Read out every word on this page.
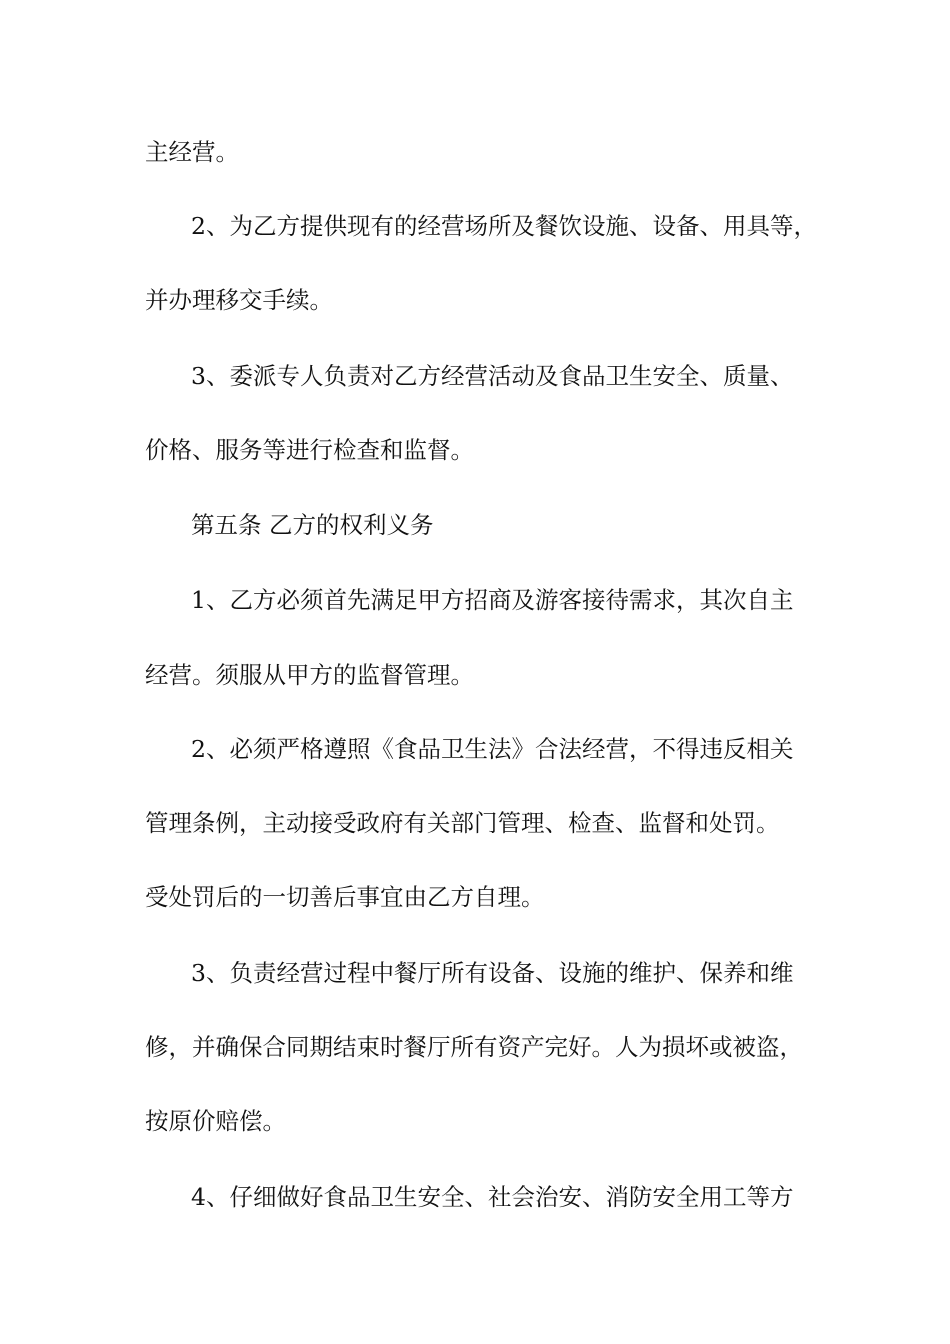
主经营。
2、为乙方提供现有的经营场所及餐饮设施、设备、用具等，
并办理移交手续。
3、委派专人负责对乙方经营活动及食品卫生安全、质量、
价格、服务等进行检查和监督。
第五条 乙方的权利义务
1、乙方必须首先满足甲方招商及游客接待需求，其次自主
经营。须服从甲方的监督管理。
2、必须严格遵照《食品卫生法》合法经营，不得违反相关
管理条例，主动接受政府有关部门管理、检查、监督和处罚。
受处罚后的一切善后事宜由乙方自理。
3、负责经营过程中餐厅所有设备、设施的维护、保养和维
修，并确保合同期结束时餐厅所有资产完好。人为损坏或被盗，
按原价赔偿。
4、仔细做好食品卫生安全、社会治安、消防安全用工等方
